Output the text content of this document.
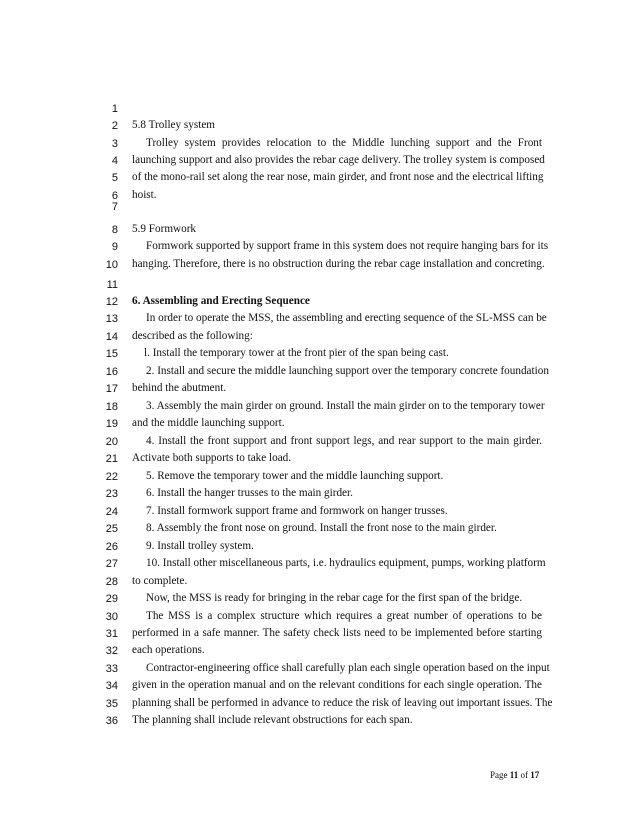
1
2 5.8 Trolley system
3	Trolley system provides relocation to the Middle lunching support and the Front
4 launching support and also provides the rebar cage delivery. The trolley system is composed
5 of the mono-rail set along the rear nose, main girder, and front nose and the electrical lifting
6 hoist.
7
8 5.9 Formwork
9	Formwork supported by support frame in this system does not require hanging bars for its
10 hanging. Therefore, there is no obstruction during the rebar cage installation and concreting.
11
12 6. Assembling and Erecting Sequence
13	In order to operate the MSS, the assembling and erecting sequence of the SL-MSS can be
14 described as the following:
15 l. Install the temporary tower at the front pier of the span being cast.
16	2. Install and secure the middle launching support over the temporary concrete foundation
17 behind the abutment.
18	3. Assembly the main girder on ground. Install the main girder on to the temporary tower
19 and the middle launching support.
20	4. Install the front support and front support legs, and rear support to the main girder.
21 Activate both supports to take load.
22	5. Remove the temporary tower and the middle launching support.
23	6. Install the hanger trusses to the main girder.
24	7. Install formwork support frame and formwork on hanger trusses.
25	8. Assembly the front nose on ground. Install the front nose to the main girder.
26	9. Install trolley system.
27	10. Install other miscellaneous parts, i.e. hydraulics equipment, pumps, working platform
28 to complete.
29	Now, the MSS is ready for bringing in the rebar cage for the first span of the bridge.
30	The MSS is a complex structure which requires a great number of operations to be
31 performed in a safe manner. The safety check lists need to be implemented before starting
32 each operations.
33	Contractor-engineering office shall carefully plan each single operation based on the input
34 given in the operation manual and on the relevant conditions for each single operation. The
35 planning shall be performed in advance to reduce the risk of leaving out important issues. The
36 The planning shall include relevant obstructions for each span.
Page 11 of 17
